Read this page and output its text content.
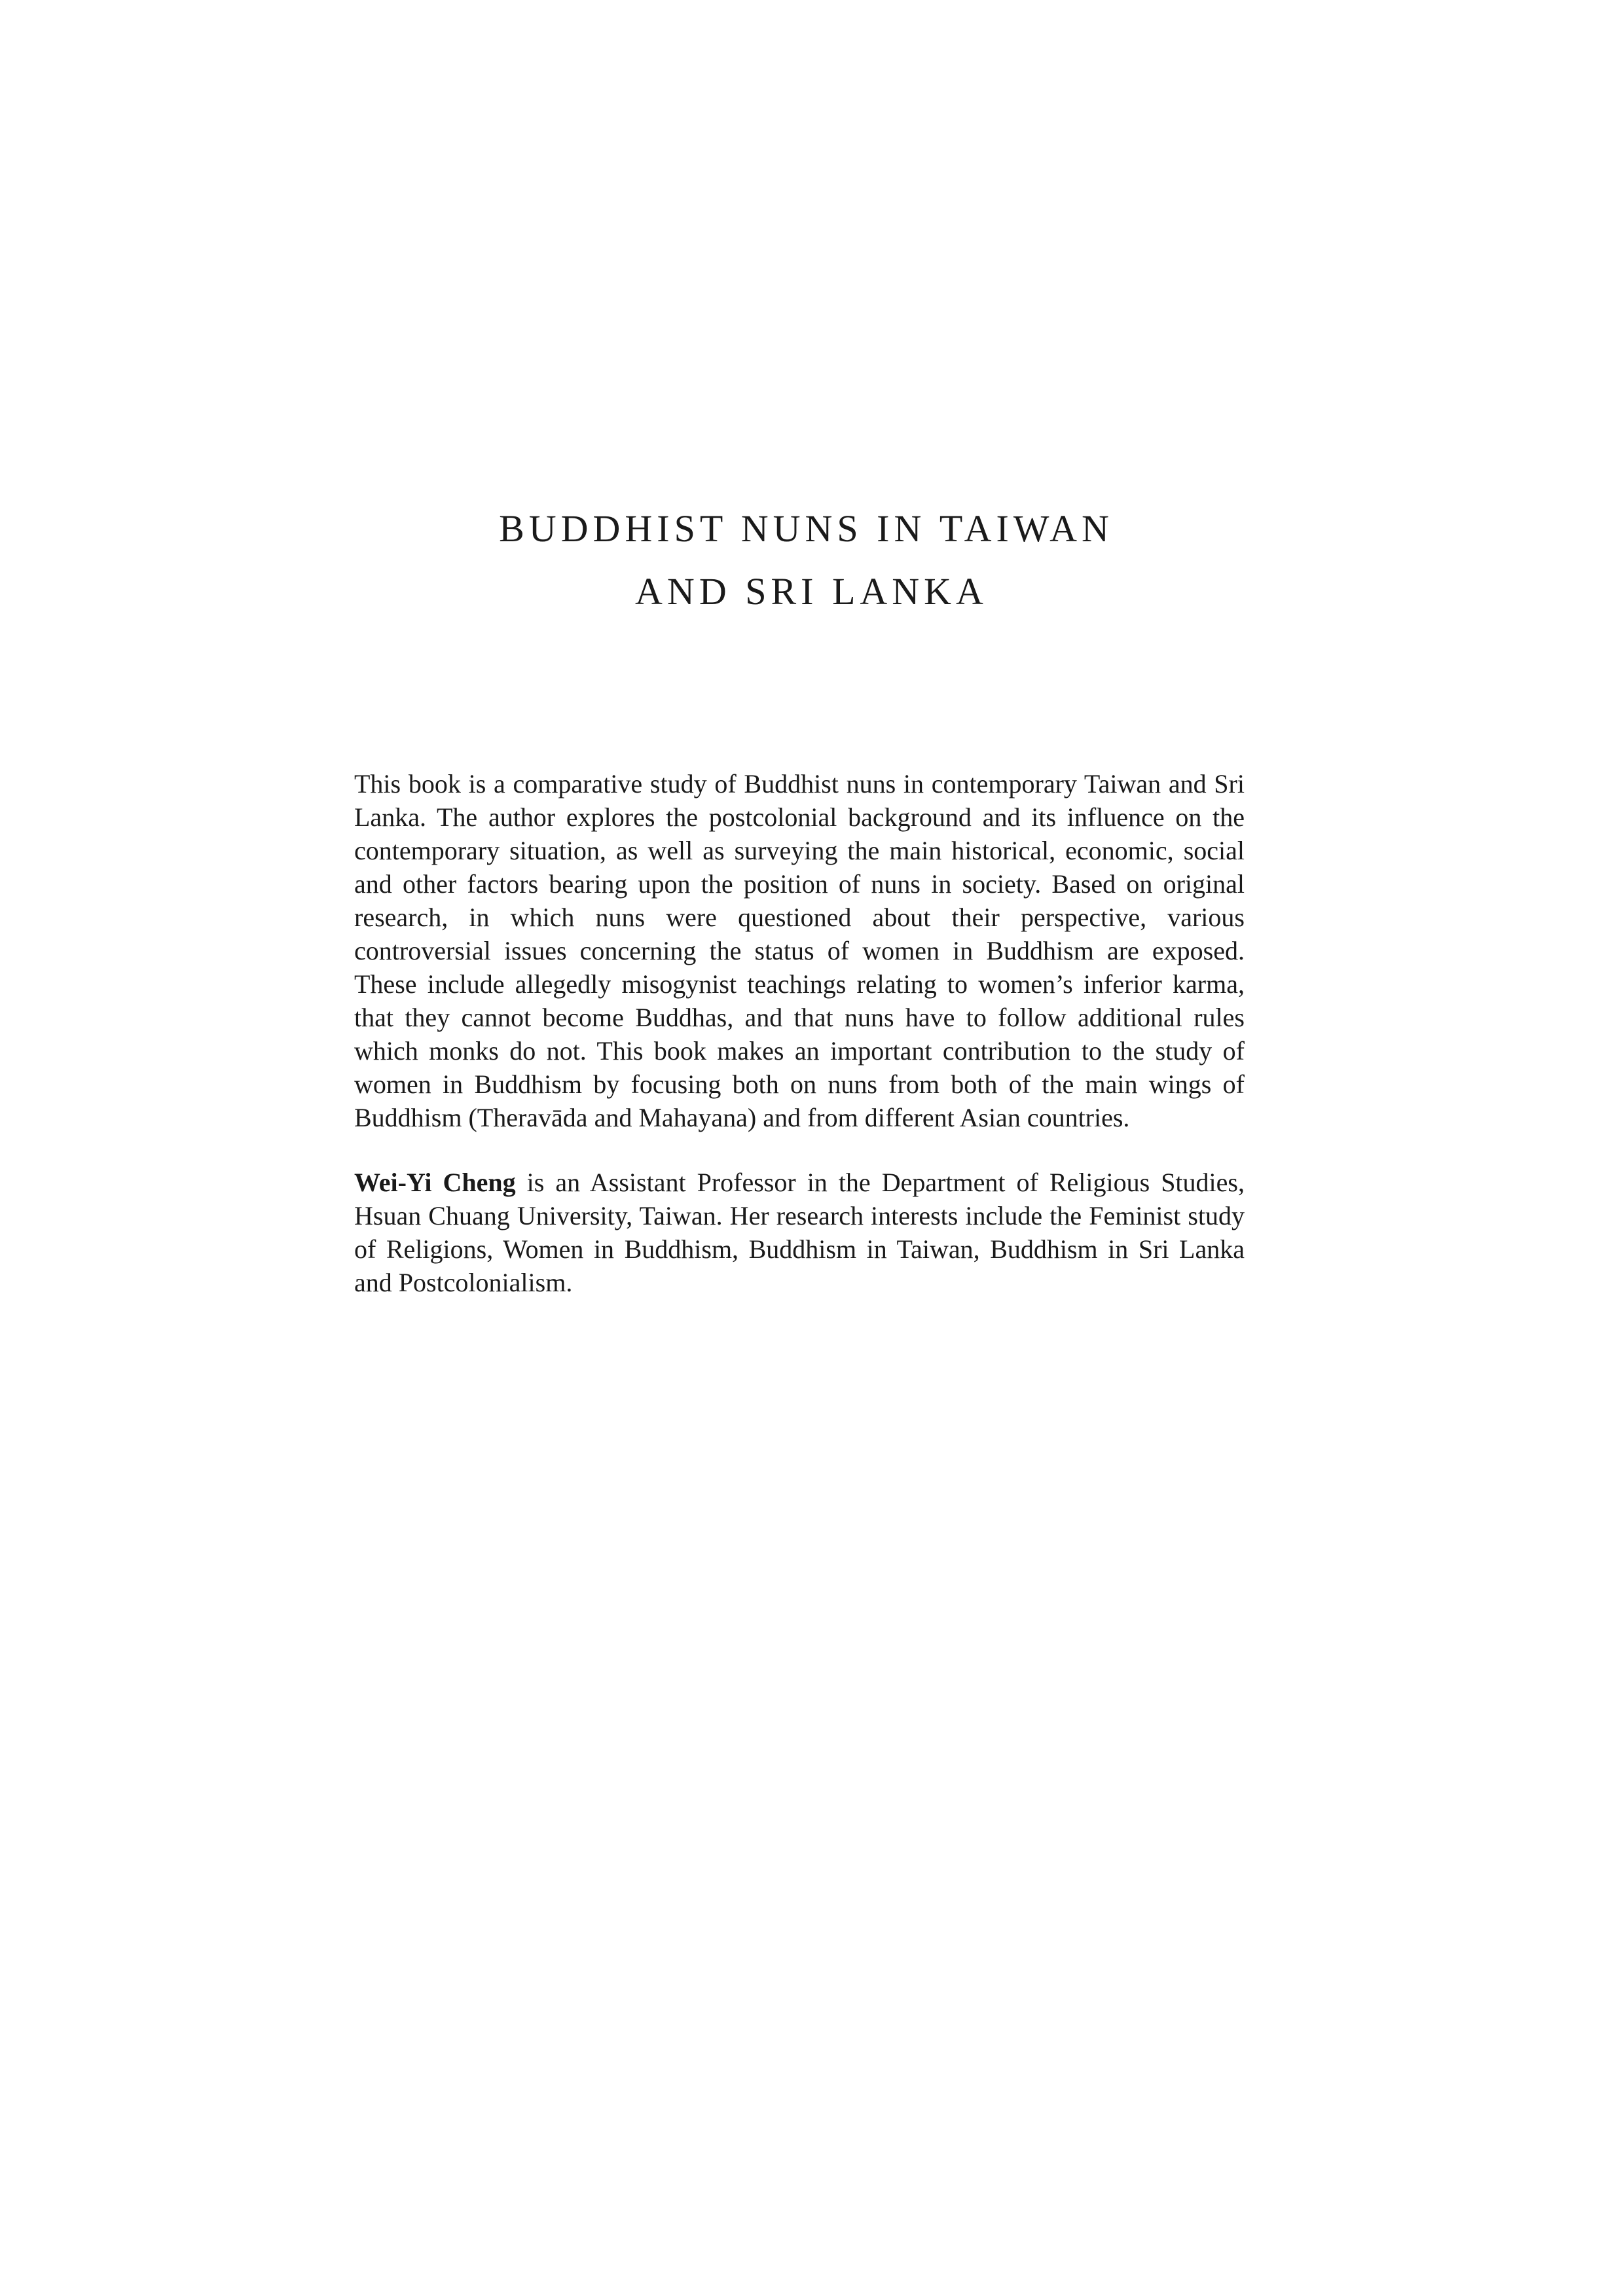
BUDDHIST NUNS IN TAIWAN
AND SRI LANKA

This book is a comparative study of Buddhist nuns in contemporary Taiwan and Sri Lanka. The author explores the postcolonial background and its influence on the contemporary situation, as well as surveying the main historical, economic, social and other factors bearing upon the position of nuns in society. Based on original research, in which nuns were questioned about their perspective, various controversial issues concerning the status of women in Buddhism are exposed. These include allegedly misogynist teachings relating to women’s inferior karma, that they cannot become Buddhas, and that nuns have to follow additional rules which monks do not. This book makes an important contribution to the study of women in Buddhism by focusing both on nuns from both of the main wings of Buddhism (Theravāda and Mahayana) and from different Asian countries.

Wei-Yi Cheng is an Assistant Professor in the Department of Religious Studies, Hsuan Chuang University, Taiwan. Her research interests include the Feminist study of Religions, Women in Buddhism, Buddhism in Taiwan, Buddhism in Sri Lanka and Postcolonialism.
